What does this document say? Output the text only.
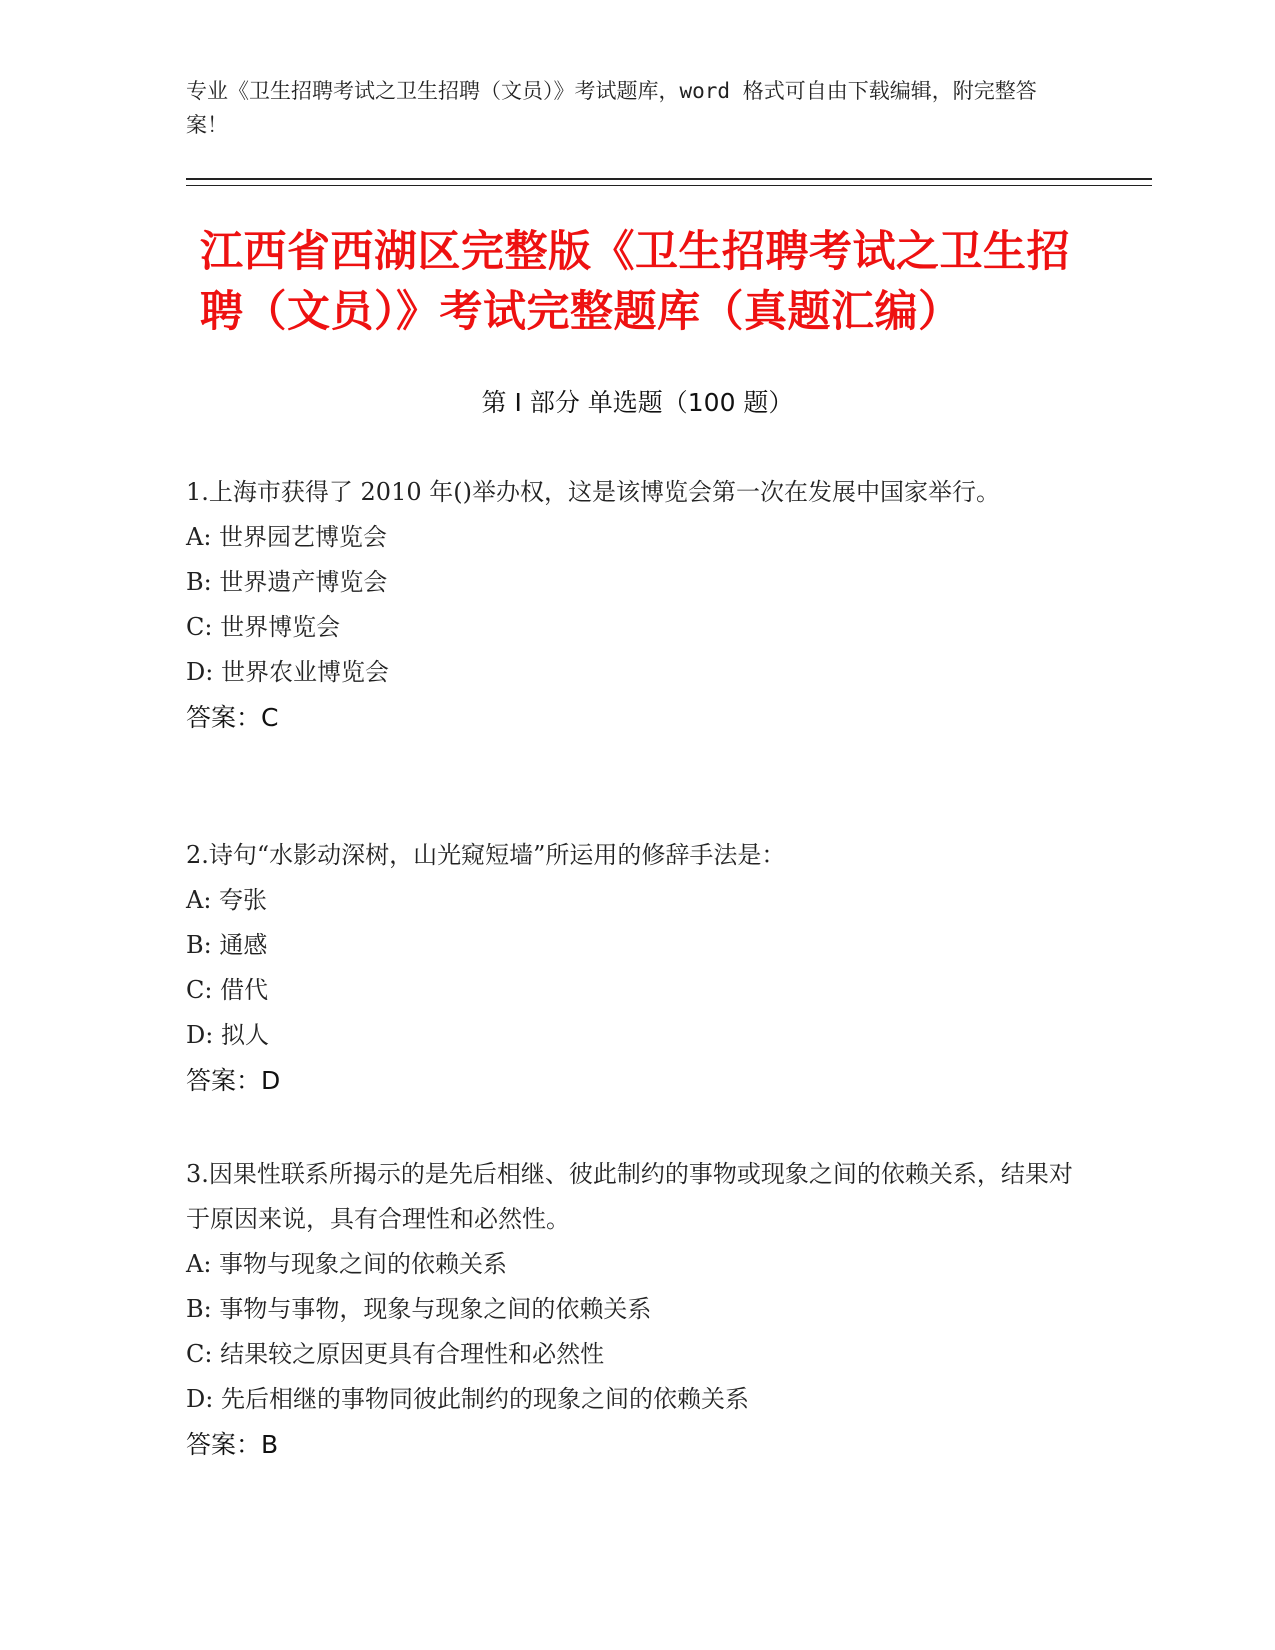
专业《卫生招聘考试之卫生招聘（文员）》考试题库，word 格式可自由下载编辑，附完整答案！
江西省西湖区完整版《卫生招聘考试之卫生招聘（文员）》考试完整题库（真题汇编）
第 I 部分 单选题（100 题）

1.上海市获得了 2010 年()举办权，这是该博览会第一次在发展中国家举行。

A: 世界园艺博览会

B: 世界遗产博览会

C: 世界博览会

D: 世界农业博览会

答案：C

2.诗句“水影动深树，山光窥短墙”所运用的修辞手法是：

A: 夸张

B: 通感

C: 借代

D: 拟人

答案：D

3.因果性联系所揭示的是先后相继、彼此制约的事物或现象之间的依赖关系，结果对于原因来说，具有合理性和必然性。

A: 事物与现象之间的依赖关系

B: 事物与事物，现象与现象之间的依赖关系

C: 结果较之原因更具有合理性和必然性

D: 先后相继的事物同彼此制约的现象之间的依赖关系

答案：B
